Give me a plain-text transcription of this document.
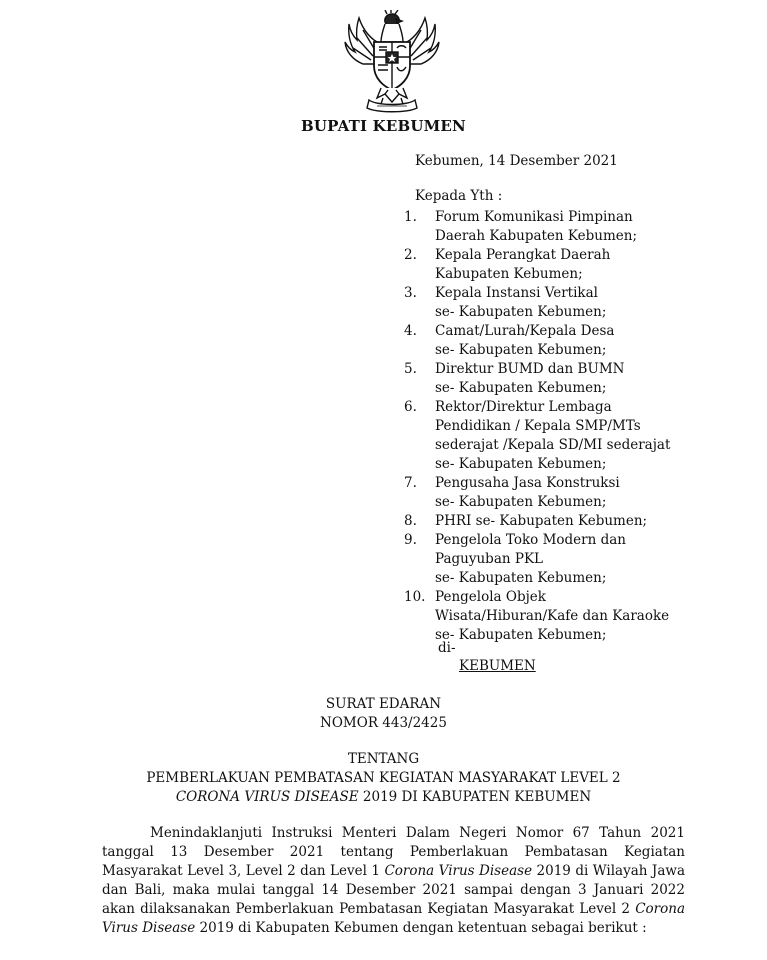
BUPATI KEBUMEN
Kebumen, 14 Desember 2021
Kepada Yth :
1.	Forum Komunikasi Pimpinan
Daerah Kabupaten Kebumen;
2.	Kepala Perangkat Daerah
Kabupaten Kebumen;
3.	Kepala Instansi Vertikal
se- Kabupaten Kebumen;
4.	Camat/Lurah/Kepala Desa
se- Kabupaten Kebumen;
5.	Direktur BUMD dan BUMN
se- Kabupaten Kebumen;
6.	Rektor/Direktur Lembaga
Pendidikan / Kepala SMP/MTs
sederajat /Kepala SD/MI sederajat
se- Kabupaten Kebumen;
7.	Pengusaha Jasa Konstruksi
se- Kabupaten Kebumen;
8.	PHRI se- Kabupaten Kebumen;
9.	Pengelola Toko Modern dan
Paguyuban PKL
se- Kabupaten Kebumen;
10. Pengelola Objek
Wisata/Hiburan/Kafe dan Karaoke
se- Kabupaten Kebumen;
di-
KEBUMEN
SURAT EDARAN
NOMOR 443/2425
TENTANG
PEMBERLAKUAN PEMBATASAN KEGIATAN MASYARAKAT LEVEL 2
CORONA VIRUS DISEASE 2019 DI KABUPATEN KEBUMEN

Menindaklanjuti Instruksi Menteri Dalam Negeri Nomor 67 Tahun 2021 tanggal 13 Desember 2021 tentang Pemberlakuan Pembatasan Kegiatan Masyarakat Level 3, Level 2 dan Level 1 Corona Virus Disease 2019 di Wilayah Jawa dan Bali, maka mulai tanggal 14 Desember 2021 sampai dengan 3 Januari 2022 akan dilaksanakan Pemberlakuan Pembatasan Kegiatan Masyarakat Level 2 Corona Virus Disease 2019 di Kabupaten Kebumen dengan ketentuan sebagai berikut :
